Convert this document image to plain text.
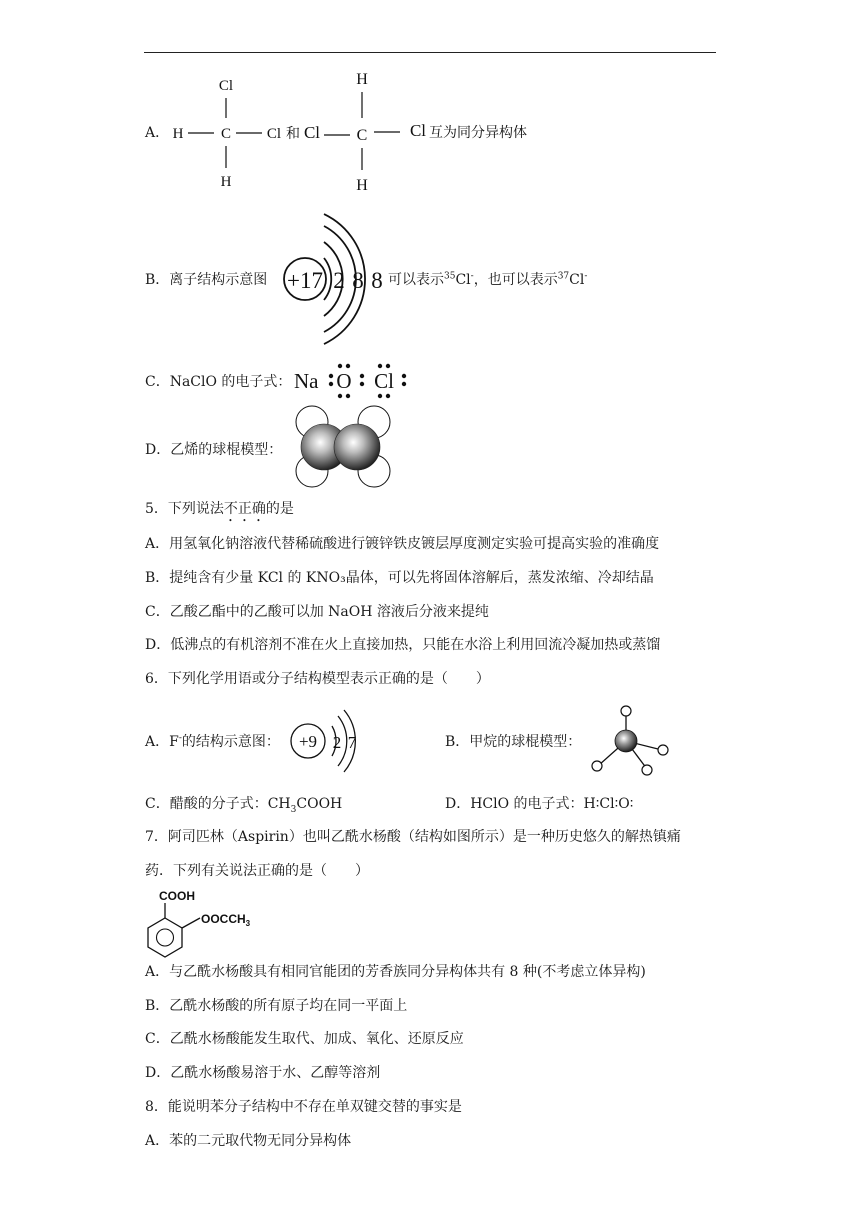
A．
Cl
H	C Cl
H
和
H
Cl C	Cl
H
互为同分异构体
B．离子结构示意图 +17 2 8 8 可以表示$^{35}$Cl-，也可以表示$^{37}$Cl-
C．NaClO 的电子式： Na O Cl
D．乙烯的球棍模型：
5．下列说法不正确的是
A．用氢氧化钠溶液代替稀硫酸进行镀锌铁皮镀层厚度测定实验可提高实验的准确度
B．提纯含有少量 KCl 的 KNO₃晶体，可以先将固体溶解后，蒸发浓缩、冷却结晶
C．乙酸乙酯中的乙酸可以加 NaOH 溶液后分液来提纯
D．低沸点的有机溶剂不准在火上直接加热，只能在水浴上利用回流冷凝加热或蒸馏
6．下列化学用语或分子结构模型表示正确的是（　　）
A．F-的结构示意图： +9 2 7	B．甲烷的球棍模型：
C．醋酸的分子式：$CH_3COOH$	D．HClO 的电子式：H∶Cl∶O∶
7．阿司匹林（Aspirin）也叫乙酰水杨酸（结构如图所示）是一种历史悠久的解热镇痛
药．下列有关说法正确的是（　　）
COOH
$OOCCH_3$
A．与乙酰水杨酸具有相同官能团的芳香族同分异构体共有 8 种(不考虑立体异构)
B．乙酰水杨酸的所有原子均在同一平面上
C．乙酰水杨酸能发生取代、加成、氧化、还原反应
D．乙酰水杨酸易溶于水、乙醇等溶剂
8．能说明苯分子结构中不存在单双键交替的事实是
A．苯的二元取代物无同分异构体
